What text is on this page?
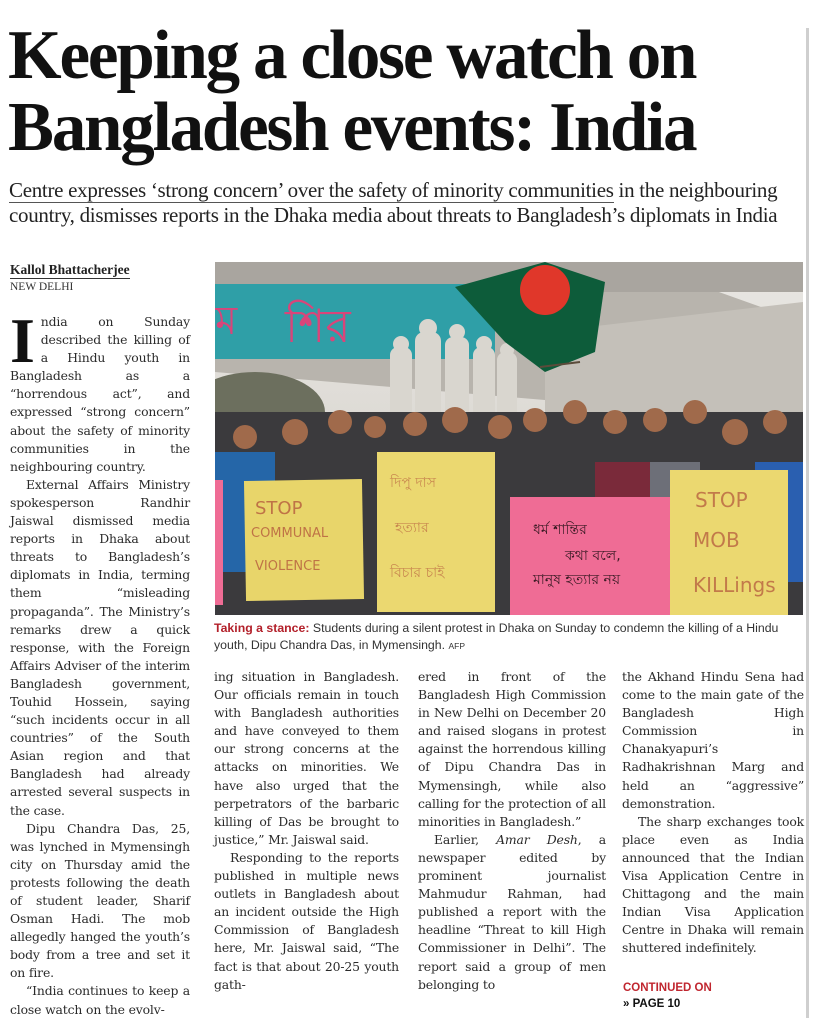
Keeping a close watch on
Bangladesh events: India
Centre expresses ‘strong concern’ over the safety of minority communities in the neighbouring country, dismisses reports in the Dhaka media about threats to Bangladesh’s diplomats in India
Kallol Bhattacherjee
NEW DELHI

India on Sunday described the killing of a Hindu youth in Bangladesh as a “horrendous act”, and expressed “strong concern” about the safety of minority communities in the neighbouring country.

External Affairs Ministry spokesperson Randhir Jaiswal dismissed media reports in Dhaka about threats to Bangladesh’s diplomats in India, terming them “misleading propaganda”. The Ministry’s remarks drew a quick response, with the Foreign Affairs Adviser of the interim Bangladesh government, Touhid Hossein, saying “such incidents occur in all countries” of the South Asian region and that Bangladesh had already arrested several suspects in the case.

Dipu Chandra Das, 25, was lynched in Mymensingh city on Thursday amid the protests following the death of student leader, Sharif Osman Hadi. The mob allegedly hanged the youth’s body from a tree and set it on fire.

“India continues to keep a close watch on the evolv-

শির
ম
STOP
COMMUNAL
VIOLENCE
দিপু দাস
হত্যার
বিচার চাই
ধর্ম শান্তির
কথা বলে,
মানুষ হত্যার নয়
STOP
MOB
KILLings
Taking a stance: Students during a silent protest in Dhaka on Sunday to condemn the killing of a Hindu youth, Dipu Chandra Das, in Mymensingh. AFP

ing situation in Bangladesh. Our officials remain in touch with Bangladesh authorities and have conveyed to them our strong concerns at the attacks on minorities. We have also urged that the perpetrators of the barbaric killing of Das be brought to justice,” Mr. Jaiswal said.

Responding to the reports published in multiple news outlets in Bangladesh about an incident outside the High Commission of Bangladesh here, Mr. Jaiswal said, “The fact is that about 20-25 youth gath-

ered in front of the Bangladesh High Commission in New Delhi on December 20 and raised slogans in protest against the horrendous killing of Dipu Chandra Das in Mymensingh, while also calling for the protection of all minorities in Bangladesh.”

Earlier, Amar Desh, a newspaper edited by prominent journalist Mahmudur Rahman, had published a report with the headline “Threat to kill High Commissioner in Delhi”. The report said a group of men belonging to

the Akhand Hindu Sena had come to the main gate of the Bangladesh High Commission in Chanakyapuri’s Radhakrishnan Marg and held an “aggressive” demonstration.

The sharp exchanges took place even as India announced that the Indian Visa Application Centre in Chittagong and the main Indian Visa Application Centre in Dhaka will remain shuttered indefinitely.

CONTINUED ON
» PAGE 10
